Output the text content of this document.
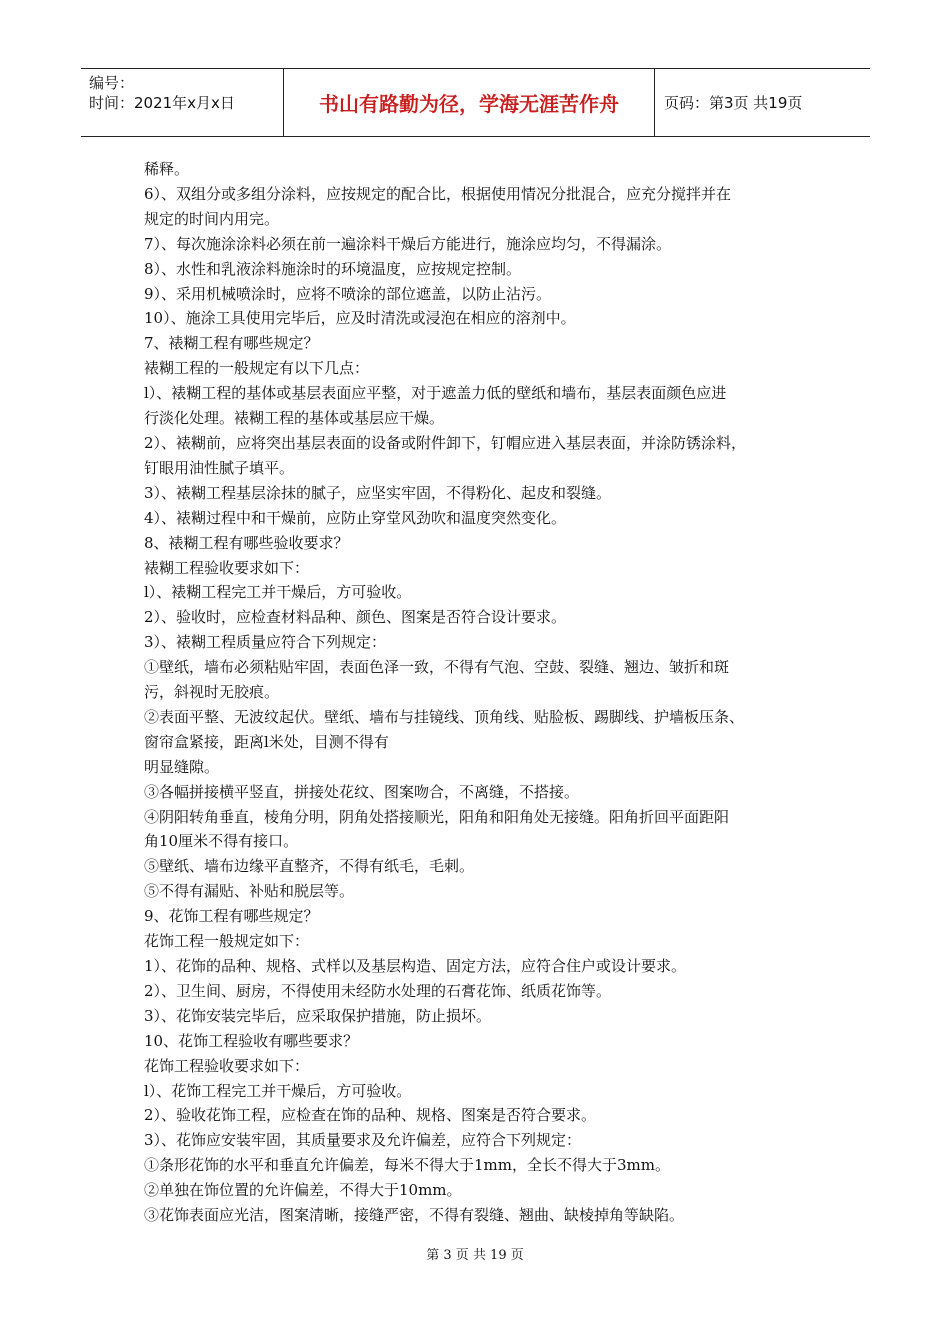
编号：
时间：2021年x月x日	书山有路勤为径，学海无涯苦作舟	页码：第3页 共19页
稀释。
6）、双组分或多组分涂料，应按规定的配合比，根据使用情况分批混合，应充分搅拌并在
规定的时间内用完。
7）、每次施涂涂料必须在前一遍涂料干燥后方能进行，施涂应均匀，不得漏涂。
8）、水性和乳液涂料施涂时的环境温度，应按规定控制。
9）、采用机械喷涂时，应将不喷涂的部位遮盖，以防止沾污。
10）、施涂工具使用完毕后，应及时清洗或浸泡在相应的溶剂中。
7、裱糊工程有哪些规定？
裱糊工程的一般规定有以下几点：
l）、裱糊工程的基体或基层表面应平整，对于遮盖力低的壁纸和墙布，基层表面颜色应进
行淡化处理。裱糊工程的基体或基层应干燥。
2）、裱糊前，应将突出基层表面的设备或附件卸下，钉帽应进入基层表面，并涂防锈涂料，
钉眼用油性腻子填平。
3）、裱糊工程基层涂抹的腻子，应坚实牢固，不得粉化、起皮和裂缝。
4）、裱糊过程中和干燥前，应防止穿堂风劲吹和温度突然变化。
8、裱糊工程有哪些验收要求？
裱糊工程验收要求如下：
l）、裱糊工程完工并干燥后，方可验收。
2）、验收时，应检查材料品种、颜色、图案是否符合设计要求。
3）、裱糊工程质量应符合下列规定：
①壁纸，墙布必须粘贴牢固，表面色泽一致，不得有气泡、空鼓、裂缝、翘边、皱折和斑
污，斜视时无胶痕。
②表面平整、无波纹起伏。壁纸、墙布与挂镜线、顶角线、贴脸板、踢脚线、护墙板压条、
窗帘盒紧接，距离l米处，目测不得有
明显缝隙。
③各幅拼接横平竖直，拼接处花纹、图案吻合，不离缝，不搭接。
④阴阳转角垂直，棱角分明，阴角处搭接顺光，阳角和阳角处无接缝。阳角折回平面距阳
角10厘米不得有接口。
⑤壁纸、墙布边缘平直整齐，不得有纸毛，毛刺。
⑤不得有漏贴、补贴和脱层等。
9、花饰工程有哪些规定？
花饰工程一般规定如下：
1）、花饰的品种、规格、式样以及基层构造、固定方法，应符合住户或设计要求。
2）、卫生间、厨房，不得使用未经防水处理的石膏花饰、纸质花饰等。
3）、花饰安装完毕后，应采取保护措施，防止损坏。
10、花饰工程验收有哪些要求？
花饰工程验收要求如下：
l）、花饰工程完工并干燥后，方可验收。
2）、验收花饰工程，应检查在饰的品种、规格、图案是否符合要求。
3）、花饰应安装牢固，其质量要求及允许偏差，应符合下列规定：
①条形花饰的水平和垂直允许偏差，每米不得大于1mm，全长不得大于3mm。
②单独在饰位置的允许偏差，不得大于10mm。
③花饰表面应光洁，图案清晰，接缝严密，不得有裂缝、翘曲、缺棱掉角等缺陷。
第 3 页 共 19 页
